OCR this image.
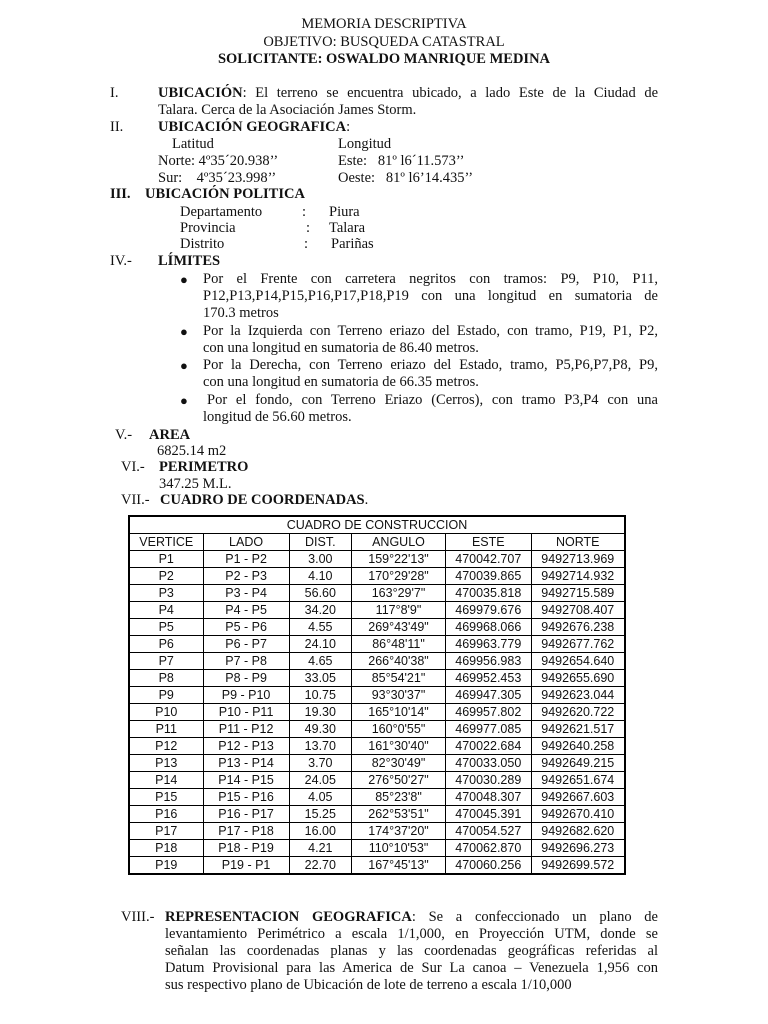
MEMORIA DESCRIPTIVA
OBJETIVO: BUSQUEDA CATASTRAL
SOLICITANTE: OSWALDO MANRIQUE MEDINA
I.	UBICACIÓN: El terreno se encuentra ubicado, a lado Este de la Ciudad de
Talara. Cerca de la Asociación James Storm.
II. UBICACIÓN GEOGRAFICA:
Latitud	Longitud
Norte: 4º35´20.938’’	Este:   81º l6´11.573’’
Sur:    4º35´23.998’’	Oeste:   81º l6’14.435’’
III. UBICACIÓN POLITICA
Departamento	: Piura
Provincia	: Talara
Distrito	: Pariñas
IV.- LÍMITES
● Por el Frente con carretera negritos con tramos: P9, P10, P11,
P12,P13,P14,P15,P16,P17,P18,P19 con una longitud en sumatoria de
170.3 metros
● Por la Izquierda con Terreno eriazo del Estado, con tramo, P19, P1, P2,
con una longitud en sumatoria de 86.40 metros.
● Por la Derecha, con Terreno eriazo del Estado, tramo, P5,P6,P7,P8, P9,
con una longitud en sumatoria de 66.35 metros.
● Por el fondo, con Terreno Eriazo (Cerros), con tramo P3,P4 con una
longitud de 56.60 metros.
V.- AREA
6825.14 m2
VI.- PERIMETRO
347.25 M.L.
VII.- CUADRO DE COORDENADAS.
CUADRO DE CONSTRUCCION					
VERTICE	LADO	DIST.	ANGULO	ESTE	NORTE
P1	P1 - P2	3.00	159°22'13"	470042.707	9492713.969
P2	P2 - P3	4.10	170°29'28"	470039.865	9492714.932
P3	P3 - P4	56.60	163°29'7"	470035.818	9492715.589
P4	P4 - P5	34.20	117°8'9"	469979.676	9492708.407
P5	P5 - P6	4.55	269°43'49"	469968.066	9492676.238
P6	P6 - P7	24.10	86°48'11"	469963.779	9492677.762
P7	P7 - P8	4.65	266°40'38"	469956.983	9492654.640
P8	P8 - P9	33.05	85°54'21"	469952.453	9492655.690
P9	P9 - P10	10.75	93°30'37"	469947.305	9492623.044
P10	P10 - P11	19.30	165°10'14"	469957.802	9492620.722
P11	P11 - P12	49.30	160°0'55"	469977.085	9492621.517
P12	P12 - P13	13.70	161°30'40"	470022.684	9492640.258
P13	P13 - P14	3.70	82°30'49"	470033.050	9492649.215
P14	P14 - P15	24.05	276°50'27"	470030.289	9492651.674
P15	P15 - P16	4.05	85°23'8"	470048.307	9492667.603
P16	P16 - P17	15.25	262°53'51"	470045.391	9492670.410
P17	P17 - P18	16.00	174°37'20"	470054.527	9492682.620
P18	P18 - P19	4.21	110°10'53"	470062.870	9492696.273
P19	P19 - P1	22.70	167°45'13"	470060.256	9492699.572
VIII.- REPRESENTACION GEOGRAFICA: Se a confeccionado un plano de
levantamiento Perimétrico a escala 1/1,000, en Proyección UTM, donde se
señalan las coordenadas planas y las coordenadas geográficas referidas al
Datum Provisional para las America de Sur La canoa – Venezuela 1,956 con
sus respectivo plano de Ubicación de lote de terreno a escala 1/10,000
